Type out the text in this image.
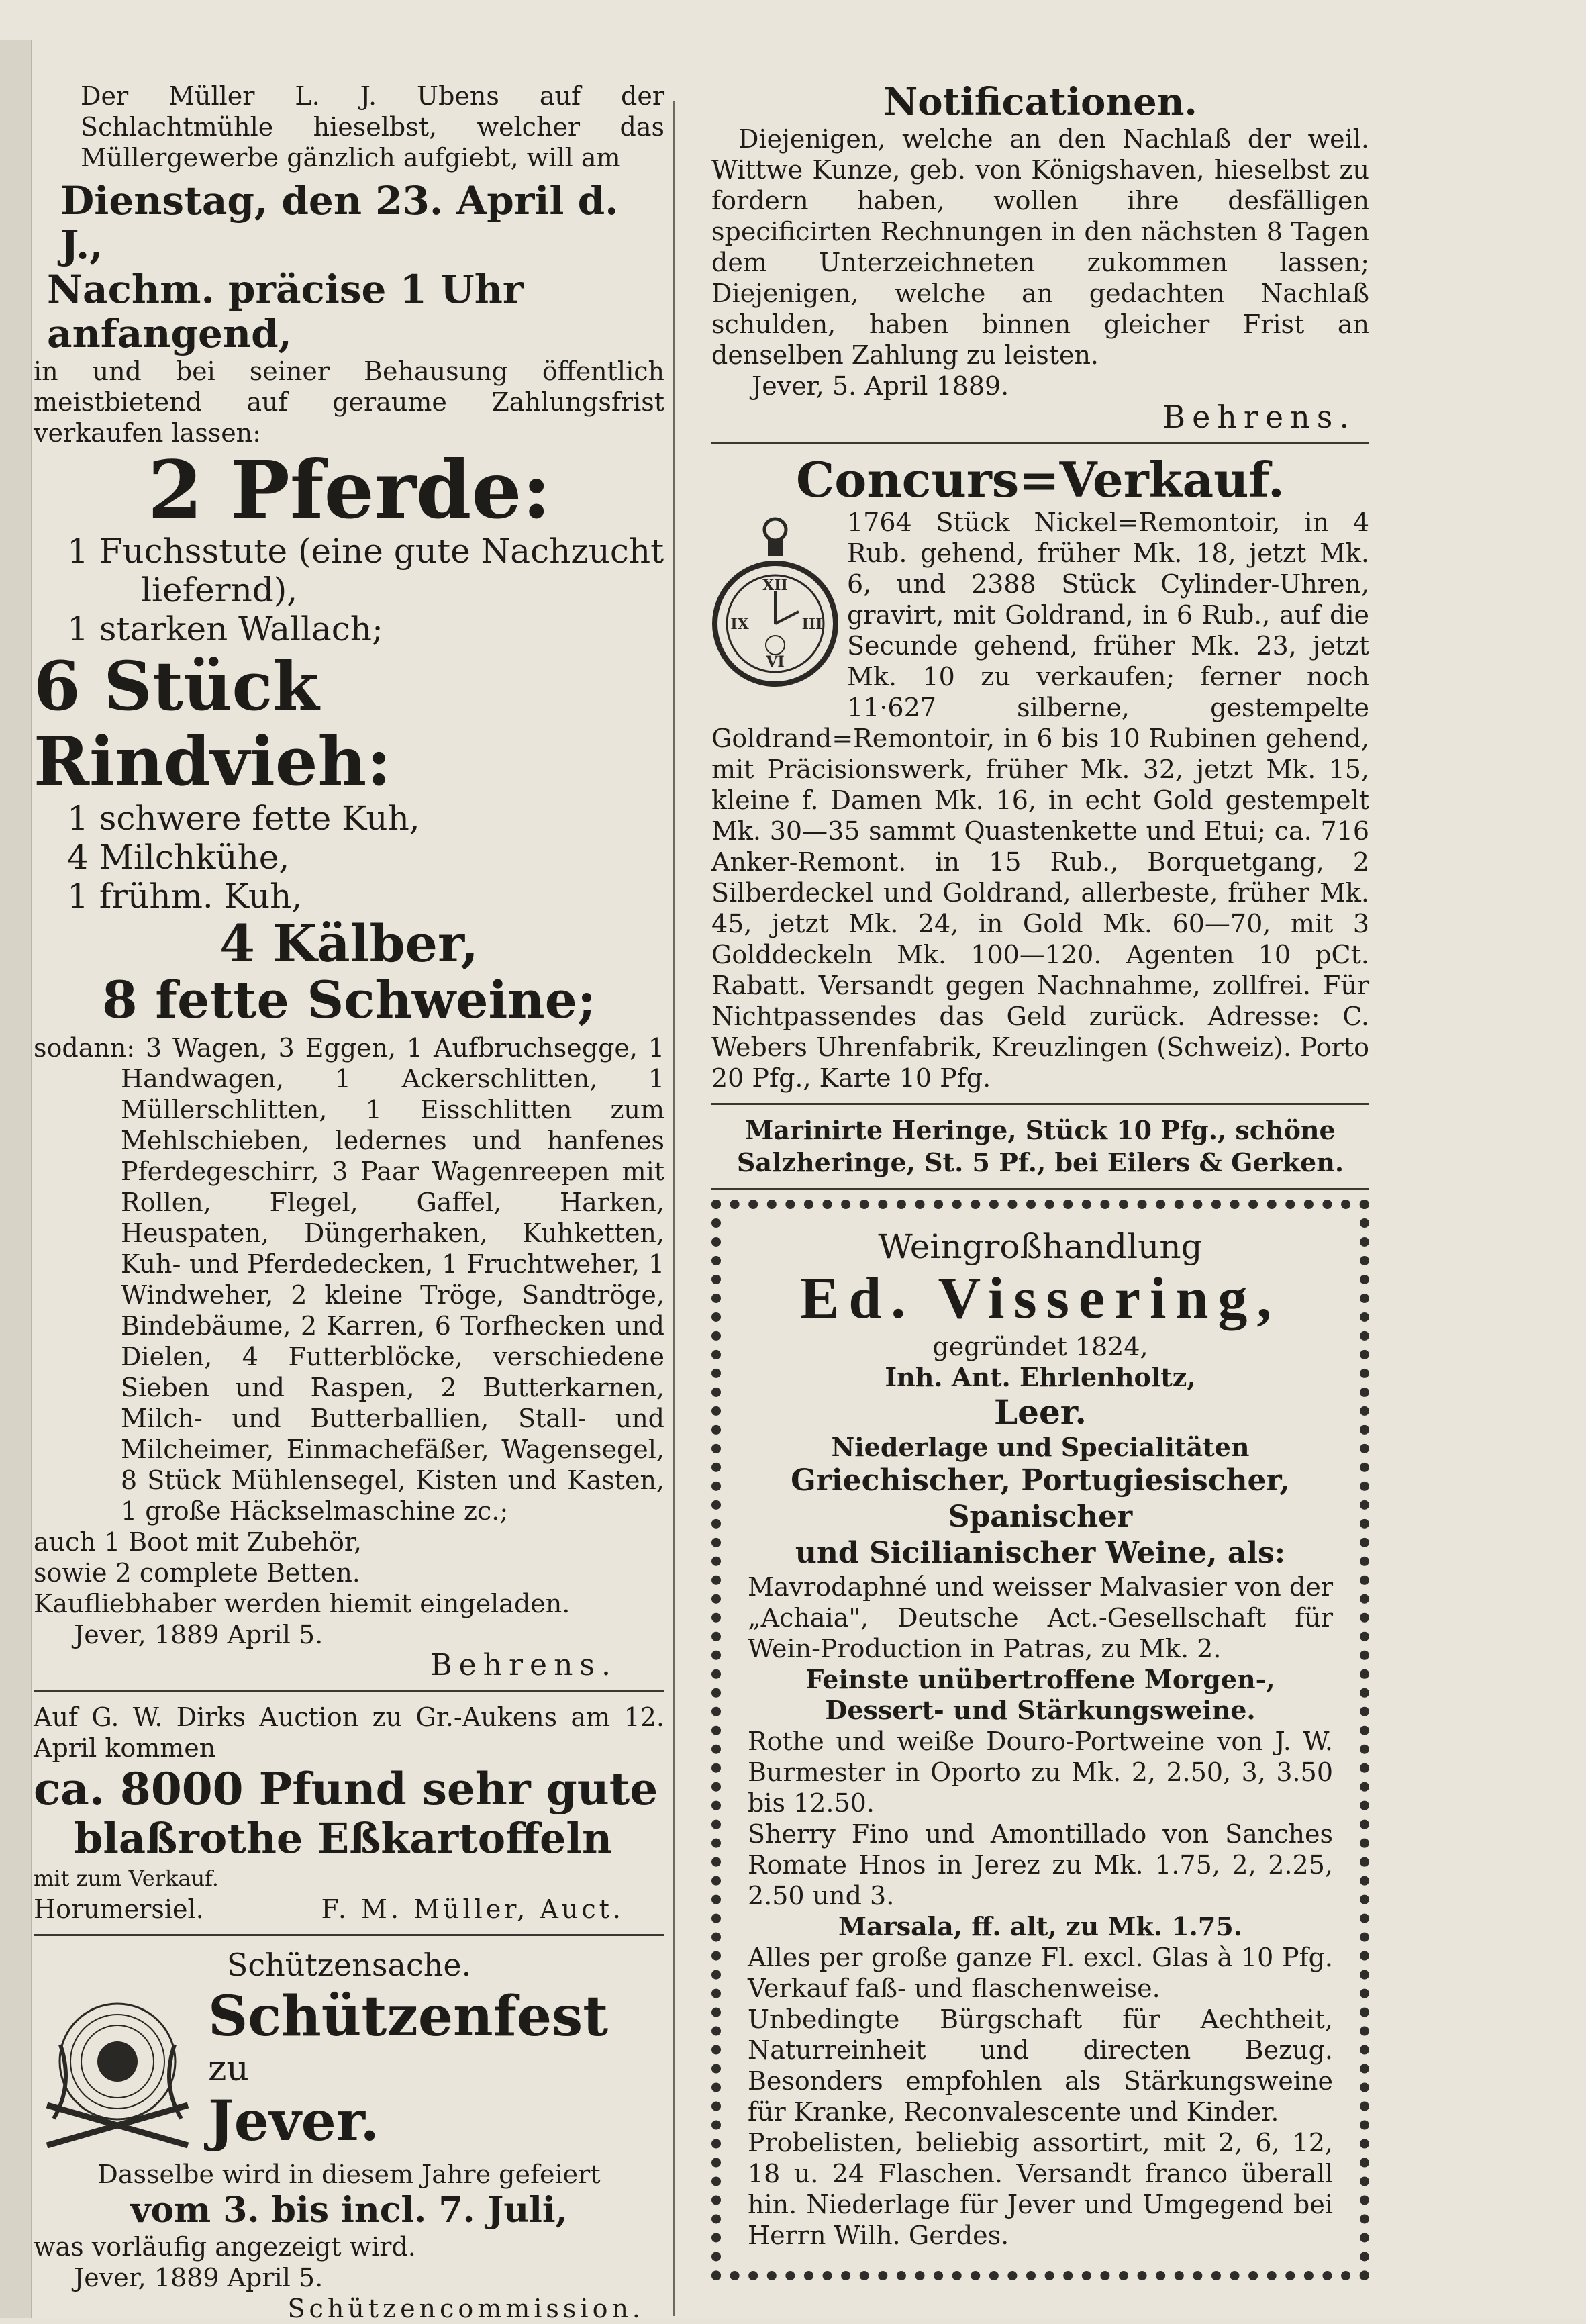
Der Müller L. J. Ubens auf der Schlachtmühle hieselbst, welcher das Müllergewerbe gänzlich aufgiebt, will am

Dienstag, den 23. April d. J.,

Nachm. präcise 1 Uhr anfangend,

in und bei seiner Behausung öffentlich meistbietend auf geraume Zahlungsfrist verkaufen lassen:

2 Pferde:

1 Fuchsstute (eine gute Nachzucht

liefernd),

1 starken Wallach;

6 Stück Rindvieh:

1 schwere fette Kuh,

4 Milchkühe,

1 frühm. Kuh,

4 Kälber,

8 fette Schweine;

sodann: 3 Wagen, 3 Eggen, 1 Aufbruchsegge, 1 Handwagen, 1 Ackerschlitten, 1 Müllerschlitten, 1 Eisschlitten zum Mehlschieben, ledernes und hanfenes Pferdegeschirr, 3 Paar Wagenreepen mit Rollen, Flegel, Gaffel, Harken, Heuspaten, Düngerhaken, Kuhketten, Kuh- und Pferdedecken, 1 Fruchtweher, 1 Windweher, 2 kleine Tröge, Sandtröge, Bindebäume, 2 Karren, 6 Torfhecken und Dielen, 4 Futterblöcke, verschiedene Sieben und Raspen, 2 Butterkarnen, Milch- und Butterballien, Stall- und Milcheimer, Einmachefäßer, Wagensegel, 8 Stück Mühlensegel, Kisten und Kasten, 1 große Häckselmaschine zc.;

auch 1 Boot mit Zubehör,

sowie 2 complete Betten.

Kaufliebhaber werden hiemit eingeladen.

Jever, 1889 April 5.

Behrens.

Auf G. W. Dirks Auction zu Gr.-Aukens am 12. April kommen

ca. 8000 Pfund sehr gute

blaßrothe Eßkartoffeln

mit zum Verkauf.

Horumersiel.	F. M. Müller, Auct.

Schützensache.

Schützenfest

zu

Jever.

Dasselbe wird in diesem Jahre gefeiert

vom 3. bis incl. 7. Juli,

was vorläufig angezeigt wird.

Jever, 1889 April 5.

Schützencommission.

Notificationen.

Diejenigen, welche an den Nachlaß der weil. Wittwe Kunze, geb. von Königshaven, hieselbst zu fordern haben, wollen ihre desfälligen specificirten Rechnungen in den nächsten 8 Tagen dem Unterzeichneten zukommen lassen; Diejenigen, welche an gedachten Nachlaß schulden, haben binnen gleicher Frist an denselben Zahlung zu leisten.

Jever, 5. April 1889.

Behrens.

Concurs=Verkauf.

XII
III
VI
IX

1764 Stück Nickel=Remontoir, in 4 Rub. gehend, früher Mk. 18, jetzt Mk. 6, und 2388 Stück Cylinder-Uhren, gravirt, mit Goldrand, in 6 Rub., auf die Secunde gehend, früher Mk. 23, jetzt Mk. 10 zu verkaufen; ferner noch 11·627 silberne, gestempelte Goldrand=Remontoir, in 6 bis 10 Rubinen gehend, mit Präcisionswerk, früher Mk. 32, jetzt Mk. 15, kleine f. Damen Mk. 16, in echt Gold gestempelt Mk. 30—35 sammt Quastenkette und Etui; ca. 716 Anker-Remont. in 15 Rub., Borquetgang, 2 Silberdeckel und Goldrand, allerbeste, früher Mk. 45, jetzt Mk. 24, in Gold Mk. 60—70, mit 3 Golddeckeln Mk. 100—120. Agenten 10 pCt. Rabatt. Versandt gegen Nachnahme, zollfrei. Für Nichtpassendes das Geld zurück. Adresse: C. Webers Uhrenfabrik, Kreuzlingen (Schweiz). Porto 20 Pfg., Karte 10 Pfg.

Marinirte Heringe, Stück 10 Pfg., schöne

Salzheringe, St. 5 Pf., bei Eilers & Gerken.

Weingroßhandlung

Ed. Vissering,

gegründet 1824,

Inh. Ant. Ehrlenholtz,

Leer.

Niederlage und Specialitäten

Griechischer, Portugiesischer, Spanischer

und Sicilianischer Weine, als:

Mavrodaphné und weisser Malvasier von der „Achaia", Deutsche Act.-Gesellschaft für Wein-Production in Patras, zu Mk. 2.

Feinste unübertroffene Morgen-, Dessert- und Stärkungsweine.

Rothe und weiße Douro-Portweine von J. W. Burmester in Oporto zu Mk. 2, 2.50, 3, 3.50 bis 12.50.

Sherry Fino und Amontillado von Sanches Romate Hnos in Jerez zu Mk. 1.75, 2, 2.25, 2.50 und 3.

Marsala, ff. alt, zu Mk. 1.75.

Alles per große ganze Fl. excl. Glas à 10 Pfg. Verkauf faß- und flaschenweise.

Unbedingte Bürgschaft für Aechtheit, Naturreinheit und directen Bezug. Besonders empfohlen als Stärkungsweine für Kranke, Reconvalescente und Kinder.

Probelisten, beliebig assortirt, mit 2, 6, 12, 18 u. 24 Flaschen. Versandt franco überall hin. Niederlage für Jever und Umgegend bei Herrn Wilh. Gerdes.
